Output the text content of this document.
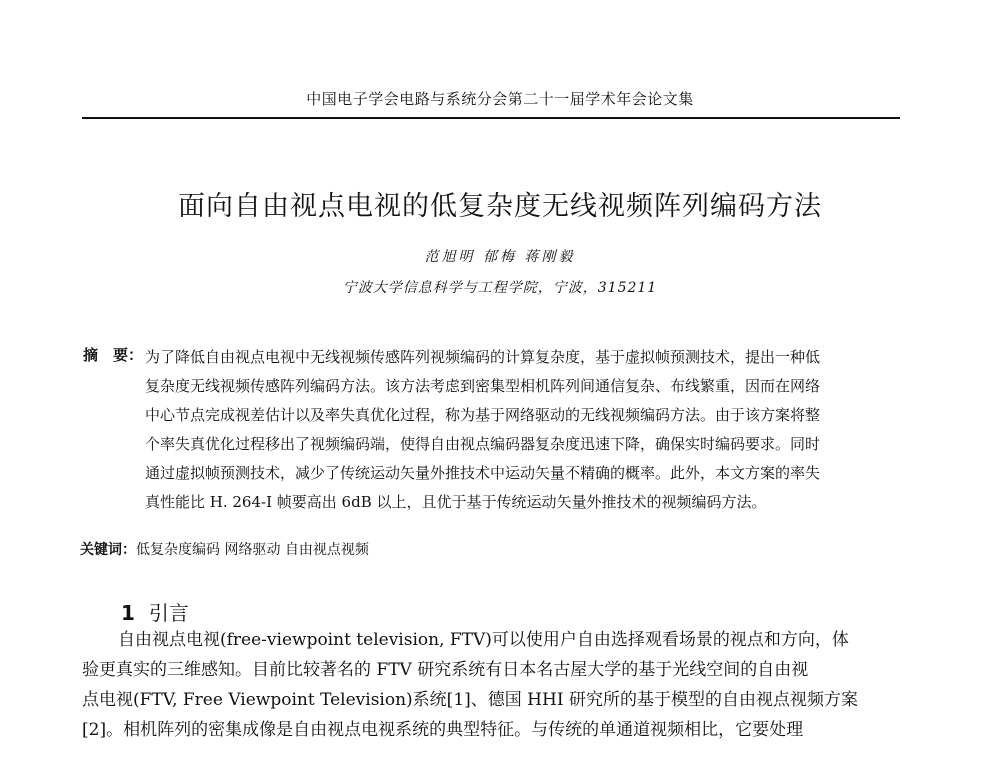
中国电子学会电路与系统分会第二十一届学术年会论文集
面向自由视点电视的低复杂度无线视频阵列编码方法
范旭明 郁梅 蒋刚毅
宁波大学信息科学与工程学院，宁波，315211
摘　要： 为了降低自由视点电视中无线视频传感阵列视频编码的计算复杂度，基于虚拟帧预测技术，提出一种低
复杂度无线视频传感阵列编码方法。该方法考虑到密集型相机阵列间通信复杂、布线繁重，因而在网络
中心节点完成视差估计以及率失真优化过程，称为基于网络驱动的无线视频编码方法。由于该方案将整
个率失真优化过程移出了视频编码端，使得自由视点编码器复杂度迅速下降，确保实时编码要求。同时
通过虚拟帧预测技术，减少了传统运动矢量外推技术中运动矢量不精确的概率。此外，本文方案的率失
真性能比 H. 264-I 帧要高出 6dB 以上，且优于基于传统运动矢量外推技术的视频编码方法。
关键词：低复杂度编码 网络驱动 自由视点视频
1 引言
自由视点电视(free-viewpoint television, FTV)可以使用户自由选择观看场景的视点和方向，体
验更真实的三维感知。目前比较著名的 FTV 研究系统有日本名古屋大学的基于光线空间的自由视
点电视(FTV, Free Viewpoint Television)系统[1]、德国 HHI 研究所的基于模型的自由视点视频方案
[2]。相机阵列的密集成像是自由视点电视系统的典型特征。与传统的单通道视频相比，它要处理
